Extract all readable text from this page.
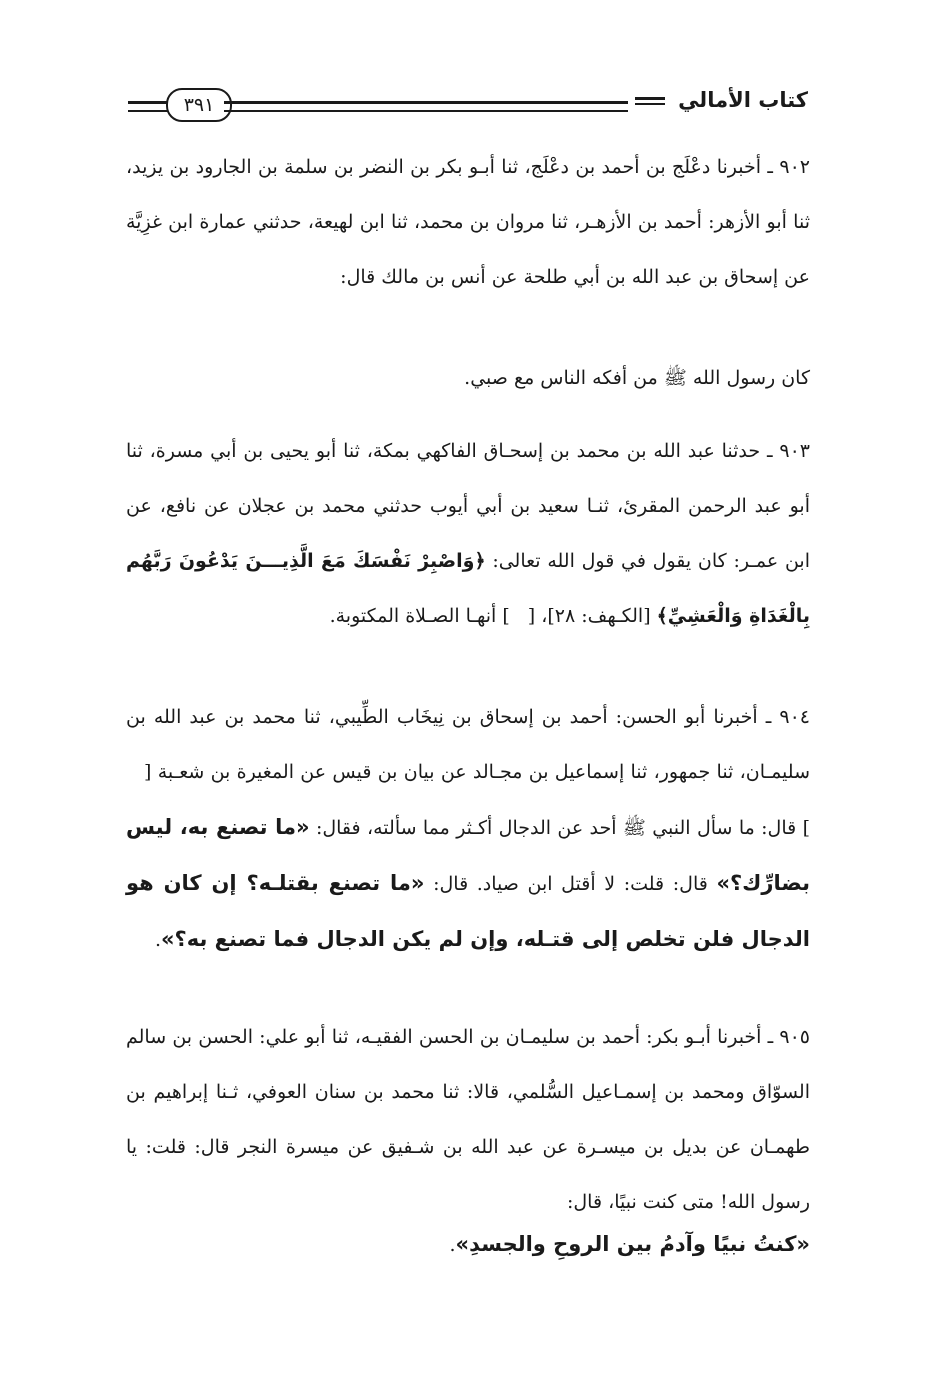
٣٩١	كتاب الأمالي

٩٠٢ ـ أخبرنا دعْلَج بن أحمد بن دعْلَج، ثنا أبـو بكر بن النضر بن سلمة بن الجارود بن يزيد، ثنا أبو الأزهر: أحمد بن الأزهـر، ثنا مروان بن محمد، ثنا ابن لهيعة، حدثني عمارة ابن غزِيَّة عن إسحاق بن عبد الله بن أبي طلحة عن أنس بن مالك قال:

كان رسول الله ﷺ من أفكه الناس مع صبي.

٩٠٣ ـ حدثنا عبد الله بن محمد بن إسحـاق الفاكهي بمكة، ثنا أبو يحيى بن أبي مسرة، ثنا أبو عبد الرحمن المقرئ، ثنـا سعيد بن أبي أيوب حدثني محمد بن عجلان عن نافع، عن ابن عمـر: كان يقول في قول الله تعالى: ﴿وَاصْبِرْ نَفْسَكَ مَعَ الَّذِيـــنَ يَدْعُونَ رَبَّهُم بِالْغَدَاةِ وَالْعَشِيِّ﴾ [الكـهف: ٢٨]، [] أنهـا الصـلاة المكتوبة.

٩٠٤ ـ أخبرنا أبو الحسن: أحمد بن إسحاق بن نِيخَاب الطِّيبي، ثنا محمد بن عبد الله بن سليمـان، ثنا جمهور، ثنا إسماعيل بن مجـالد عن بيان بن قيس عن المغيرة بن شعـبة [] قال: ما سأل النبي ﷺ أحد عن الدجال أكـثر مما سألته، فقال: «ما تصنع به، ليس بضارِّك؟» قال: قلت: لا أقتل ابن صياد. قال: «ما تصنع بقتلـه؟ إن كان هو الدجال فلن تخلص إلى قتـله، وإن لم يكن الدجال فما تصنع به؟».

٩٠٥ ـ أخبرنا أبـو بكر: أحمد بن سليمـان بن الحسن الفقيـه، ثنا أبو علي: الحسن بن سالم السوّاق ومحمد بن إسمـاعيل السُّلمي، قالا: ثنا محمد بن سنان العوفي، ثـنا إبراهيم بن طهمـان عن بديل بن ميسـرة عن عبد الله بن شـفيق عن ميسرة النجر قال: قلت: يا رسول الله! متى كنت نبيًا، قال:

«كنتُ نبيًا وآدمُ بين الروحِ والجسدِ».
